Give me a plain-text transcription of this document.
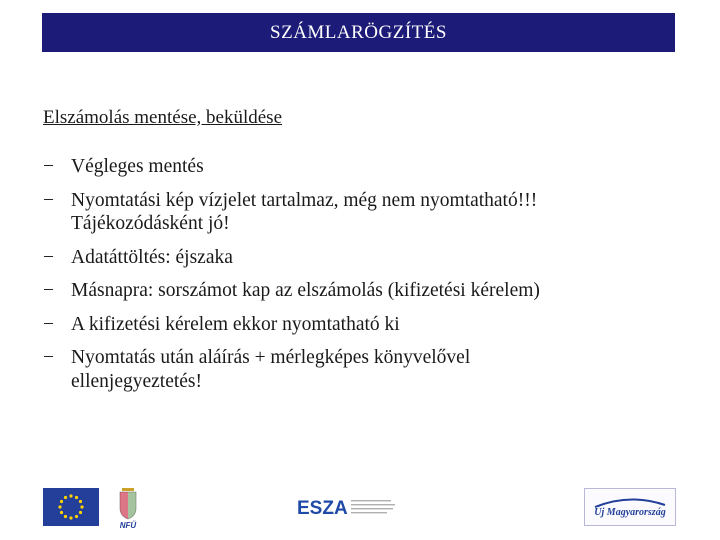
SZÁMLARÖGZÍTÉS
Elszámolás mentése, beküldése
− Végleges mentés
− Nyomtatási kép vízjelet tartalmaz, még nem nyomtatható!!!
Tájékozódásként jó!
− Adatáttöltés: éjszaka
− Másnapra: sorszámot kap az elszámolás (kifizetési kérelem)
− A kifizetési kérelem ekkor nyomtatható ki
− Nyomtatás után aláírás + mérlegképes könyvelővel
ellenjegyeztetés!
NFÜ
ESZA	Új Magyarország
